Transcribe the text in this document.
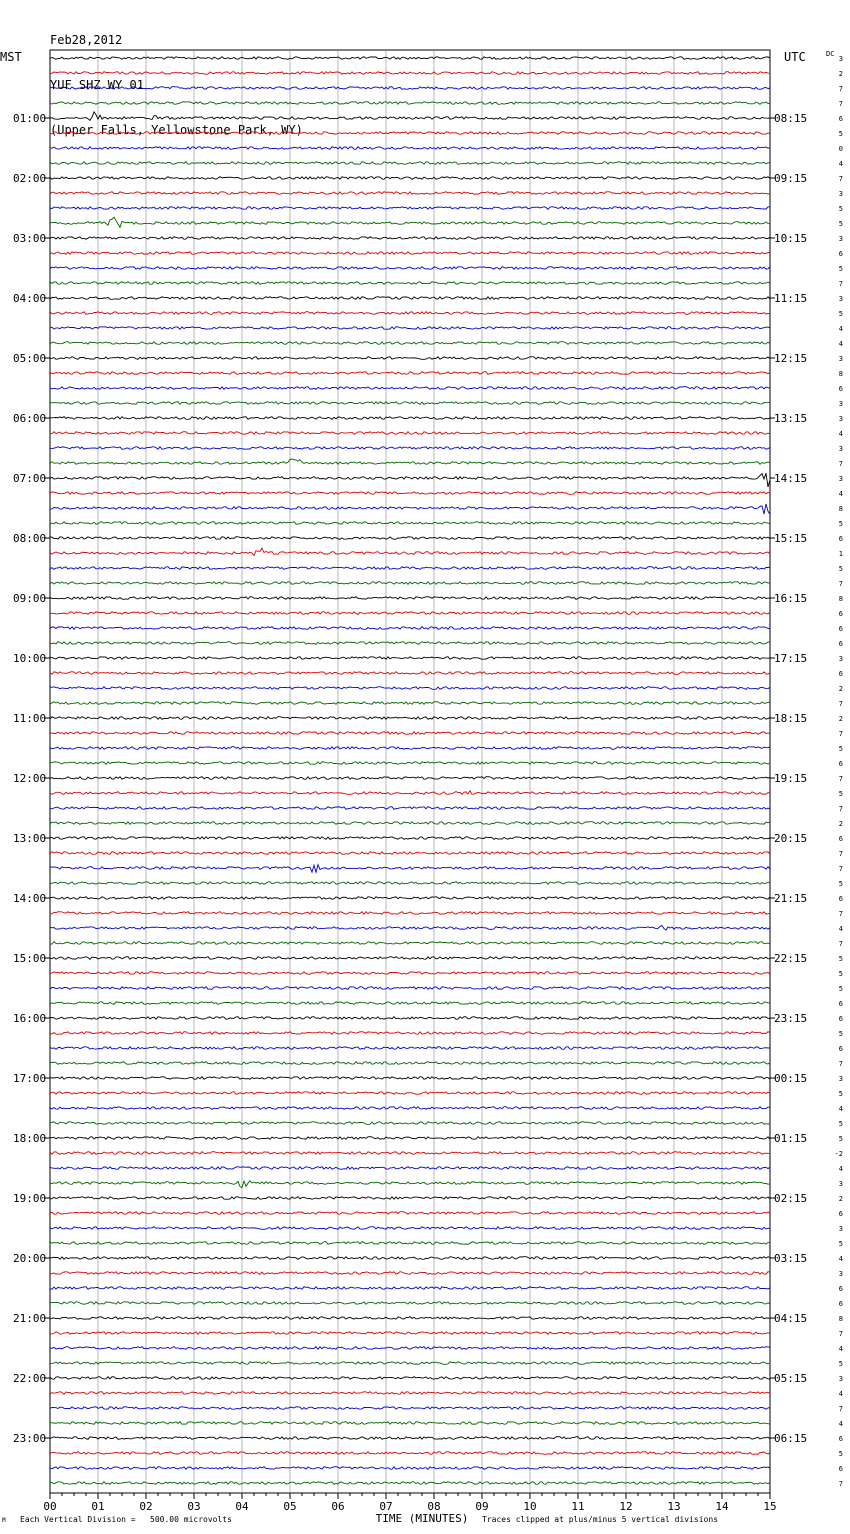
Feb28,2012

YUF SHZ WY 01

(Upper Falls, Yellowstone Park, WY)

MST	UTC	DC
01:00
02:00
03:00
04:00
05:00
06:00
07:00
08:00
09:00
10:00
11:00
12:00
13:00
14:00
15:00
16:00
17:00
18:00
19:00
20:00
21:00
22:00
23:00
08:15
09:15
10:15
11:15
12:15
13:15
14:15
15:15
16:15
17:15
18:15
19:15
20:15
21:15
22:15
23:15
00:15
01:15
02:15
03:15
04:15
05:15
06:15
3
2
7
7
6
5
0
4
7
3
5
5
3
6
5
7
3
5
4
4
3
8
6
3
3
4
3
7
3
4
8
5
6
1
5
7
8
6
6
6
3
6
2
7
2
7
5
6
7
5
7
2
6
7
7
5
6
7
4
7
5
5
5
6
6
5
6
7
3
5
4
5
5
-2
4
3
2
6
3
5
4
3
6
6
8
7
4
5
3
4
7
4
6
5
6
7
00	01	02	03	04	05	06	07	08	09	10	11	12	13	14	15
TIME (MINUTES)
Each Vertical Division =   500.00 microvolts	Traces clipped at plus/minus 5 vertical divisions
M
